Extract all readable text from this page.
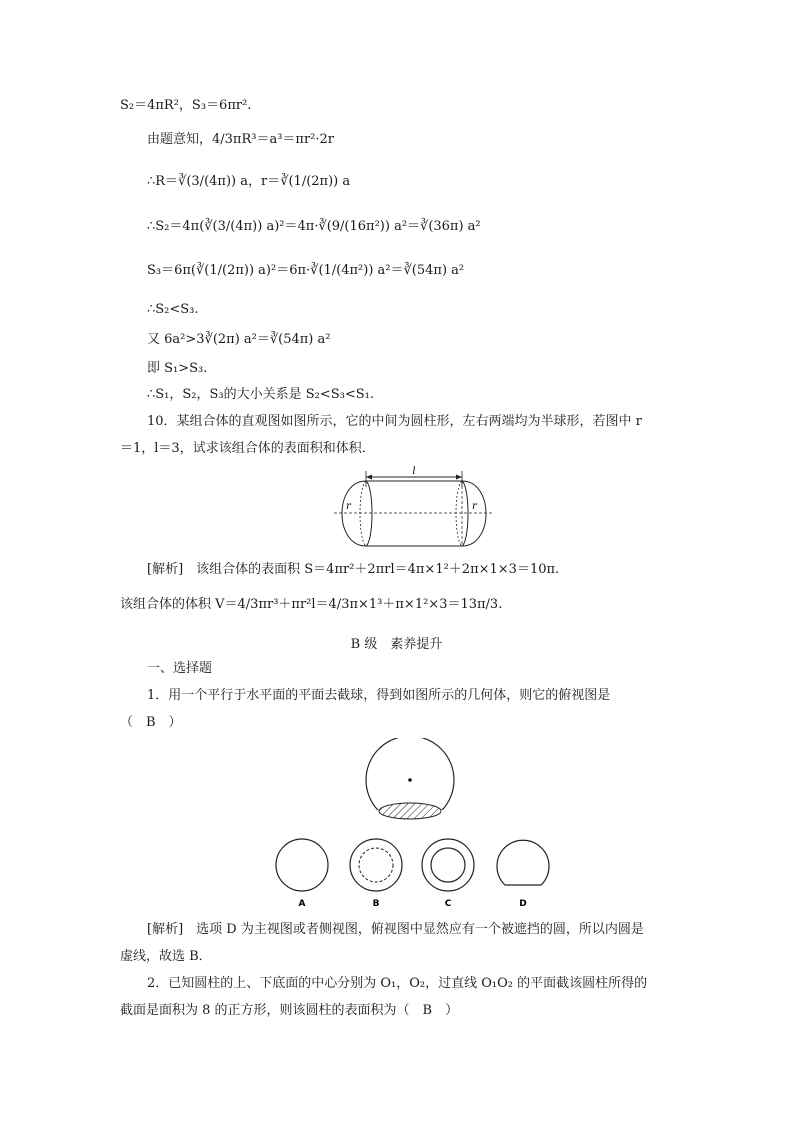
S₂＝4πR²，S₃＝6πr².
由题意知，4/3πR³＝a³＝πr²·2r
∴R＝∛(3/(4π)) a，r＝∛(1/(2π)) a
∴S₂＝4π(∛(3/(4π)) a)²＝4π·∛(9/(16π²)) a²＝∛(36π) a²
S₃＝6π(∛(1/(2π)) a)²＝6π·∛(1/(4π²)) a²＝∛(54π) a²
∴S₂<S₃.
又 6a²>3∛(2π) a²＝∛(54π) a²
即 S₁>S₃.
∴S₁，S₂，S₃的大小关系是 S₂<S₃<S₁.
10．某组合体的直观图如图所示，它的中间为圆柱形，左右两端均为半球形，若图中 r
＝1，l＝3，试求该组合体的表面积和体积．
l
r	r
[解析]　该组合体的表面积 S＝4πr²＋2πrl＝4π×1²＋2π×1×3＝10π.
该组合体的体积 V＝4/3πr³＋πr²l＝4/3π×1³＋π×1²×3＝13π/3.
B 级　素养提升
一、选择题
1．用一个平行于水平面的平面去截球，得到如图所示的几何体，则它的俯视图是
（　B　）
A	B	C	D
[解析]　选项 D 为主视图或者侧视图，俯视图中显然应有一个被遮挡的圆，所以内圆是
虚线，故选 B．
2．已知圆柱的上、下底面的中心分别为 O₁，O₂，过直线 O₁O₂ 的平面截该圆柱所得的
截面是面积为 8 的正方形，则该圆柱的表面积为（　B　）
